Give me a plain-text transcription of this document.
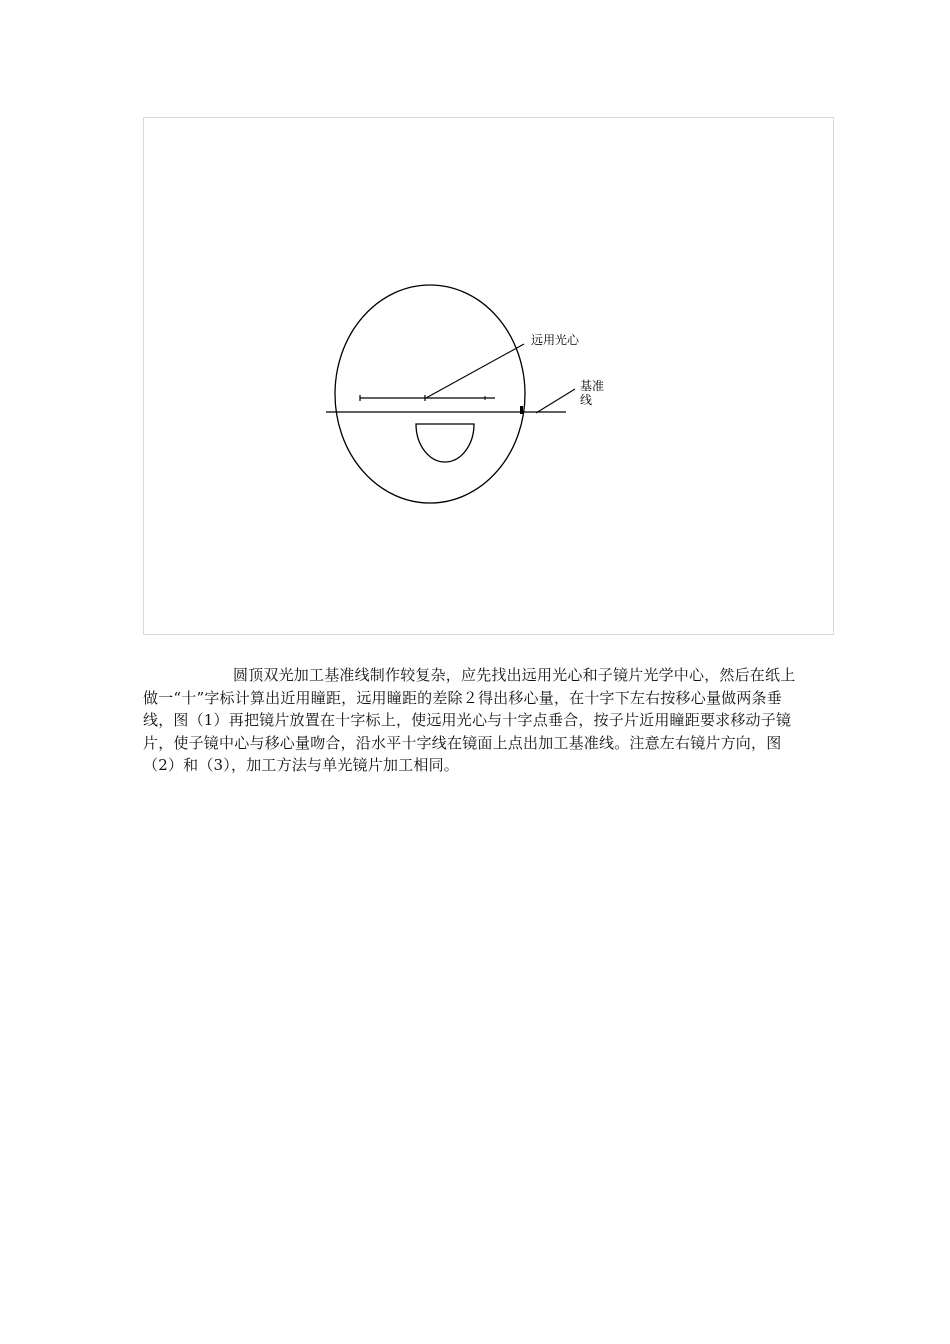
远用光心
基准
线

圆顶双光加工基准线制作较复杂，应先找出远用光心和子镜片光学中心，然后在纸上做一“十”字标计算出近用瞳距，远用瞳距的差除２得出移心量，在十字下左右按移心量做两条垂线，图（1）再把镜片放置在十字标上，使远用光心与十字点垂合，按子片近用瞳距要求移动子镜片，使子镜中心与移心量吻合，沿水平十字线在镜面上点出加工基准线。注意左右镜片方向，图（2）和（3），加工方法与单光镜片加工相同。
